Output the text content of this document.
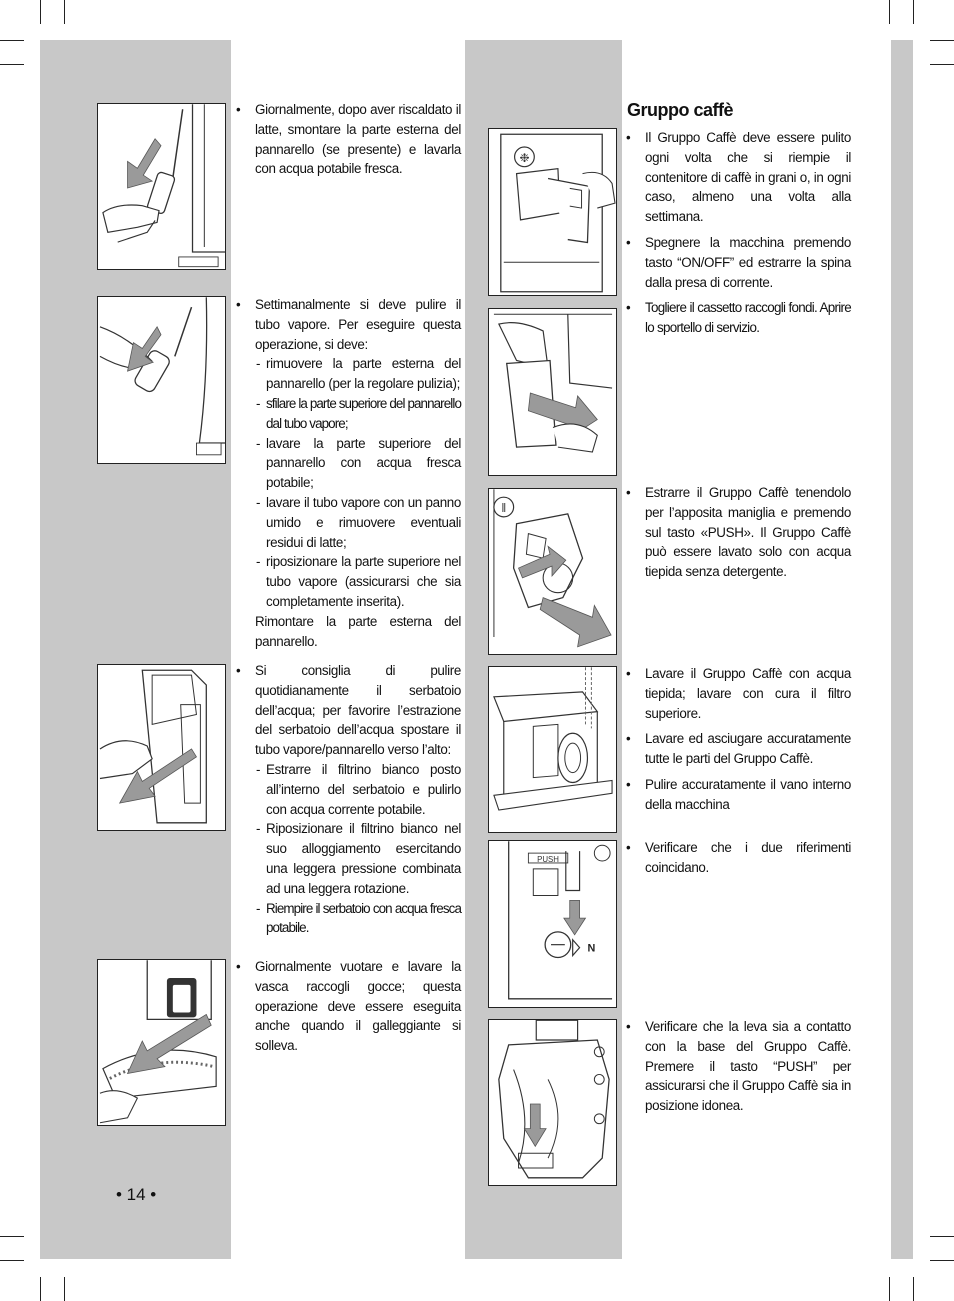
❉
‖
PUSH
N
• Giornalmente, dopo aver riscaldato il latte, smontare la parte esterna del pannarello (se presente) e lavarla con acqua potabile fresca.
• Settimanalmente si deve pulire il tubo vapore. Per eseguire questa operazione, si deve:
- rimuovere la parte esterna del pannarello (per la regolare pulizia);
- sfilare la parte superiore del pannarello dal tubo vapore;
- lavare la parte superiore del pannarello con acqua fresca potabile;
- lavare il tubo vapore con un panno umido e rimuovere eventuali residui di latte;
- riposizionare la parte superiore nel tubo vapore (assicurarsi che sia completamente inserita).
Rimontare la parte esterna del pannarello.
• Si consiglia di pulire quotidianamente il serbatoio dell’acqua; per favorire l’estrazione del serbatoio dell’acqua spostare il tubo vapore/pannarello verso l’alto:
- Estrarre il filtrino bianco posto all’interno del serbatoio e pulirlo con acqua corrente potabile.
- Riposizionare il filtrino bianco nel suo alloggiamento esercitando una leggera pressione combinata ad una leggera rotazione.
- Riempire il serbatoio con acqua fresca potabile.
• Giornalmente vuotare e lavare la vasca raccogli gocce; questa operazione deve essere eseguita anche quando il galleggiante si solleva.
Gruppo caffè
• Il Gruppo Caffè deve essere pulito ogni volta che si riempie il contenitore di caffè in grani o, in ogni caso, almeno una volta alla settimana.
• Spegnere la macchina premendo tasto “ON/OFF” ed estrarre la spina dalla presa di corrente.
• Togliere il cassetto raccogli fondi. Aprire lo sportello di servizio.
• Estrarre il Gruppo Caffè tenendolo per l’apposita maniglia e premendo sul tasto «PUSH». Il Gruppo Caffè può essere lavato solo con acqua tiepida senza detergente.
• Lavare il Gruppo Caffè con acqua tiepida; lavare con cura il filtro superiore.
• Lavare ed asciugare accuratamente tutte le parti del Gruppo Caffè.
• Pulire accuratamente il vano interno della macchina
• Verificare che i due riferimenti coincidano.
• Verificare che la leva sia a contatto con la base del Gruppo Caffè. Premere il tasto “PUSH” per assicurarsi che il Gruppo Caffè sia in posizione idonea.
• 14 •
